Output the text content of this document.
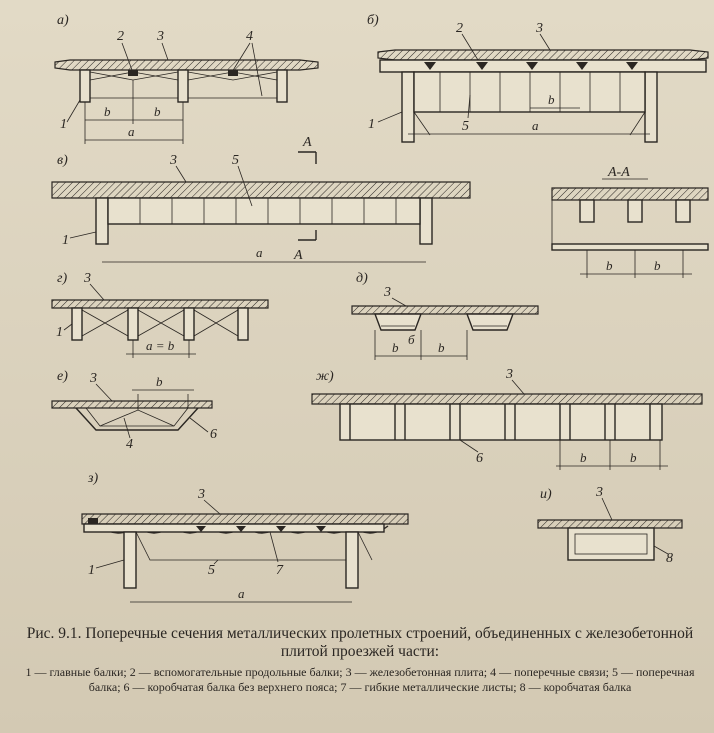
а)
b	b
a
2 3	4
1
б)
b
a
2	3
1	5
в)
a
3	5
1
А
А
А-А
b	b
г)
a = b
3
1
д)
b
б
b
3
е)	b
3
4
6
ж)
b	b
3
6
з)
a
3
1	5	7
и)	3
8

Рис. 9.1. Поперечные сечения металлических пролетных строений, объединенных с железобетонной плитой проезжей части:

1 — главные балки; 2 — вспомогательные продольные балки; 3 — железобетонная плита; 4 — поперечные связи; 5 — поперечная балка; 6 — коробчатая балка без верхнего пояса; 7 — гибкие металлические листы; 8 — коробчатая балка
